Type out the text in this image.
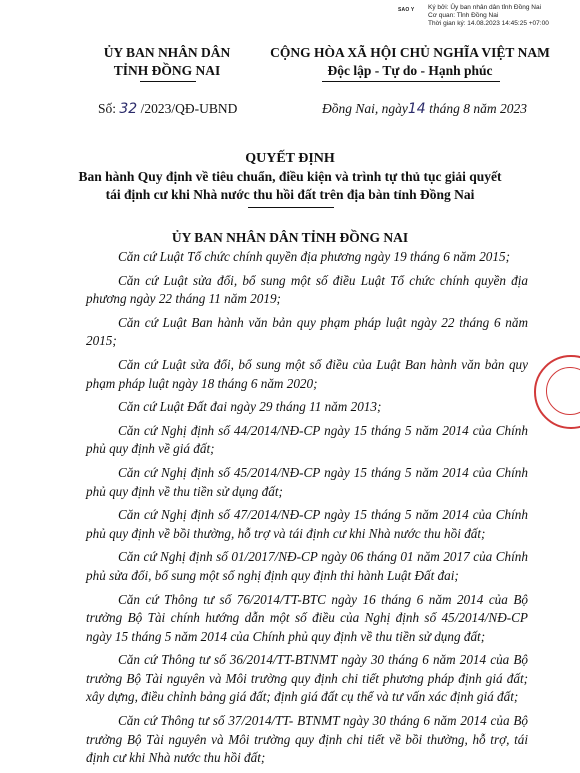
SAO Y Ký bởi: Ủy ban nhân dân tỉnh Đồng Nai
Cơ quan: Tỉnh Đồng Nai
Thời gian ký: 14.08.2023 14:45:25 +07:00
ỦY BAN NHÂN DÂN
TỈNH ĐỒNG NAI
CỘNG HÒA XÃ HỘI CHỦ NGHĨA VIỆT NAM
Độc lập - Tự do - Hạnh phúc
Số: 32 /2023/QĐ-UBND	Đồng Nai, ngày14 tháng 8 năm 2023
QUYẾT ĐỊNH
Ban hành Quy định về tiêu chuẩn, điều kiện và trình tự thủ tục giải quyết
tái định cư khi Nhà nước thu hồi đất trên địa bàn tỉnh Đồng Nai
ỦY BAN NHÂN DÂN TỈNH ĐỒNG NAI

Căn cứ Luật Tổ chức chính quyền địa phương ngày 19 tháng 6 năm 2015;

Căn cứ Luật sửa đổi, bổ sung một số điều Luật Tổ chức chính quyền địa phương ngày 22 tháng 11 năm 2019;

Căn cứ Luật Ban hành văn bản quy phạm pháp luật ngày 22 tháng 6 năm 2015;

Căn cứ Luật sửa đổi, bổ sung một số điều của Luật Ban hành văn bản quy phạm pháp luật ngày 18 tháng 6 năm 2020;

Căn cứ Luật Đất đai ngày 29 tháng 11 năm 2013;

Căn cứ Nghị định số 44/2014/NĐ-CP ngày 15 tháng 5 năm 2014 của Chính phủ quy định về giá đất;

Căn cứ Nghị định số 45/2014/NĐ-CP ngày 15 tháng 5 năm 2014 của Chính phủ quy định về thu tiền sử dụng đất;

Căn cứ Nghị định số 47/2014/NĐ-CP ngày 15 tháng 5 năm 2014 của Chính phủ quy định về bồi thường, hỗ trợ và tái định cư khi Nhà nước thu hồi đất;

Căn cứ Nghị định số 01/2017/NĐ-CP ngày 06 tháng 01 năm 2017 của Chính phủ sửa đổi, bổ sung một số nghị định quy định thi hành Luật Đất đai;

Căn cứ Thông tư số 76/2014/TT-BTC ngày 16 tháng 6 năm 2014 của Bộ trưởng Bộ Tài chính hướng dẫn một số điều của Nghị định số 45/2014/NĐ-CP ngày 15 tháng 5 năm 2014 của Chính phủ quy định về thu tiền sử dụng đất;

Căn cứ Thông tư số 36/2014/TT-BTNMT ngày 30 tháng 6 năm 2014 của Bộ trưởng Bộ Tài nguyên và Môi trường quy định chi tiết phương pháp định giá đất; xây dựng, điều chỉnh bảng giá đất; định giá đất cụ thể và tư vấn xác định giá đất;

Căn cứ Thông tư số 37/2014/TT- BTNMT ngày 30 tháng 6 năm 2014 của Bộ trưởng Bộ Tài nguyên và Môi trường quy định chi tiết về bồi thường, hỗ trợ, tái định cư khi Nhà nước thu hồi đất;
